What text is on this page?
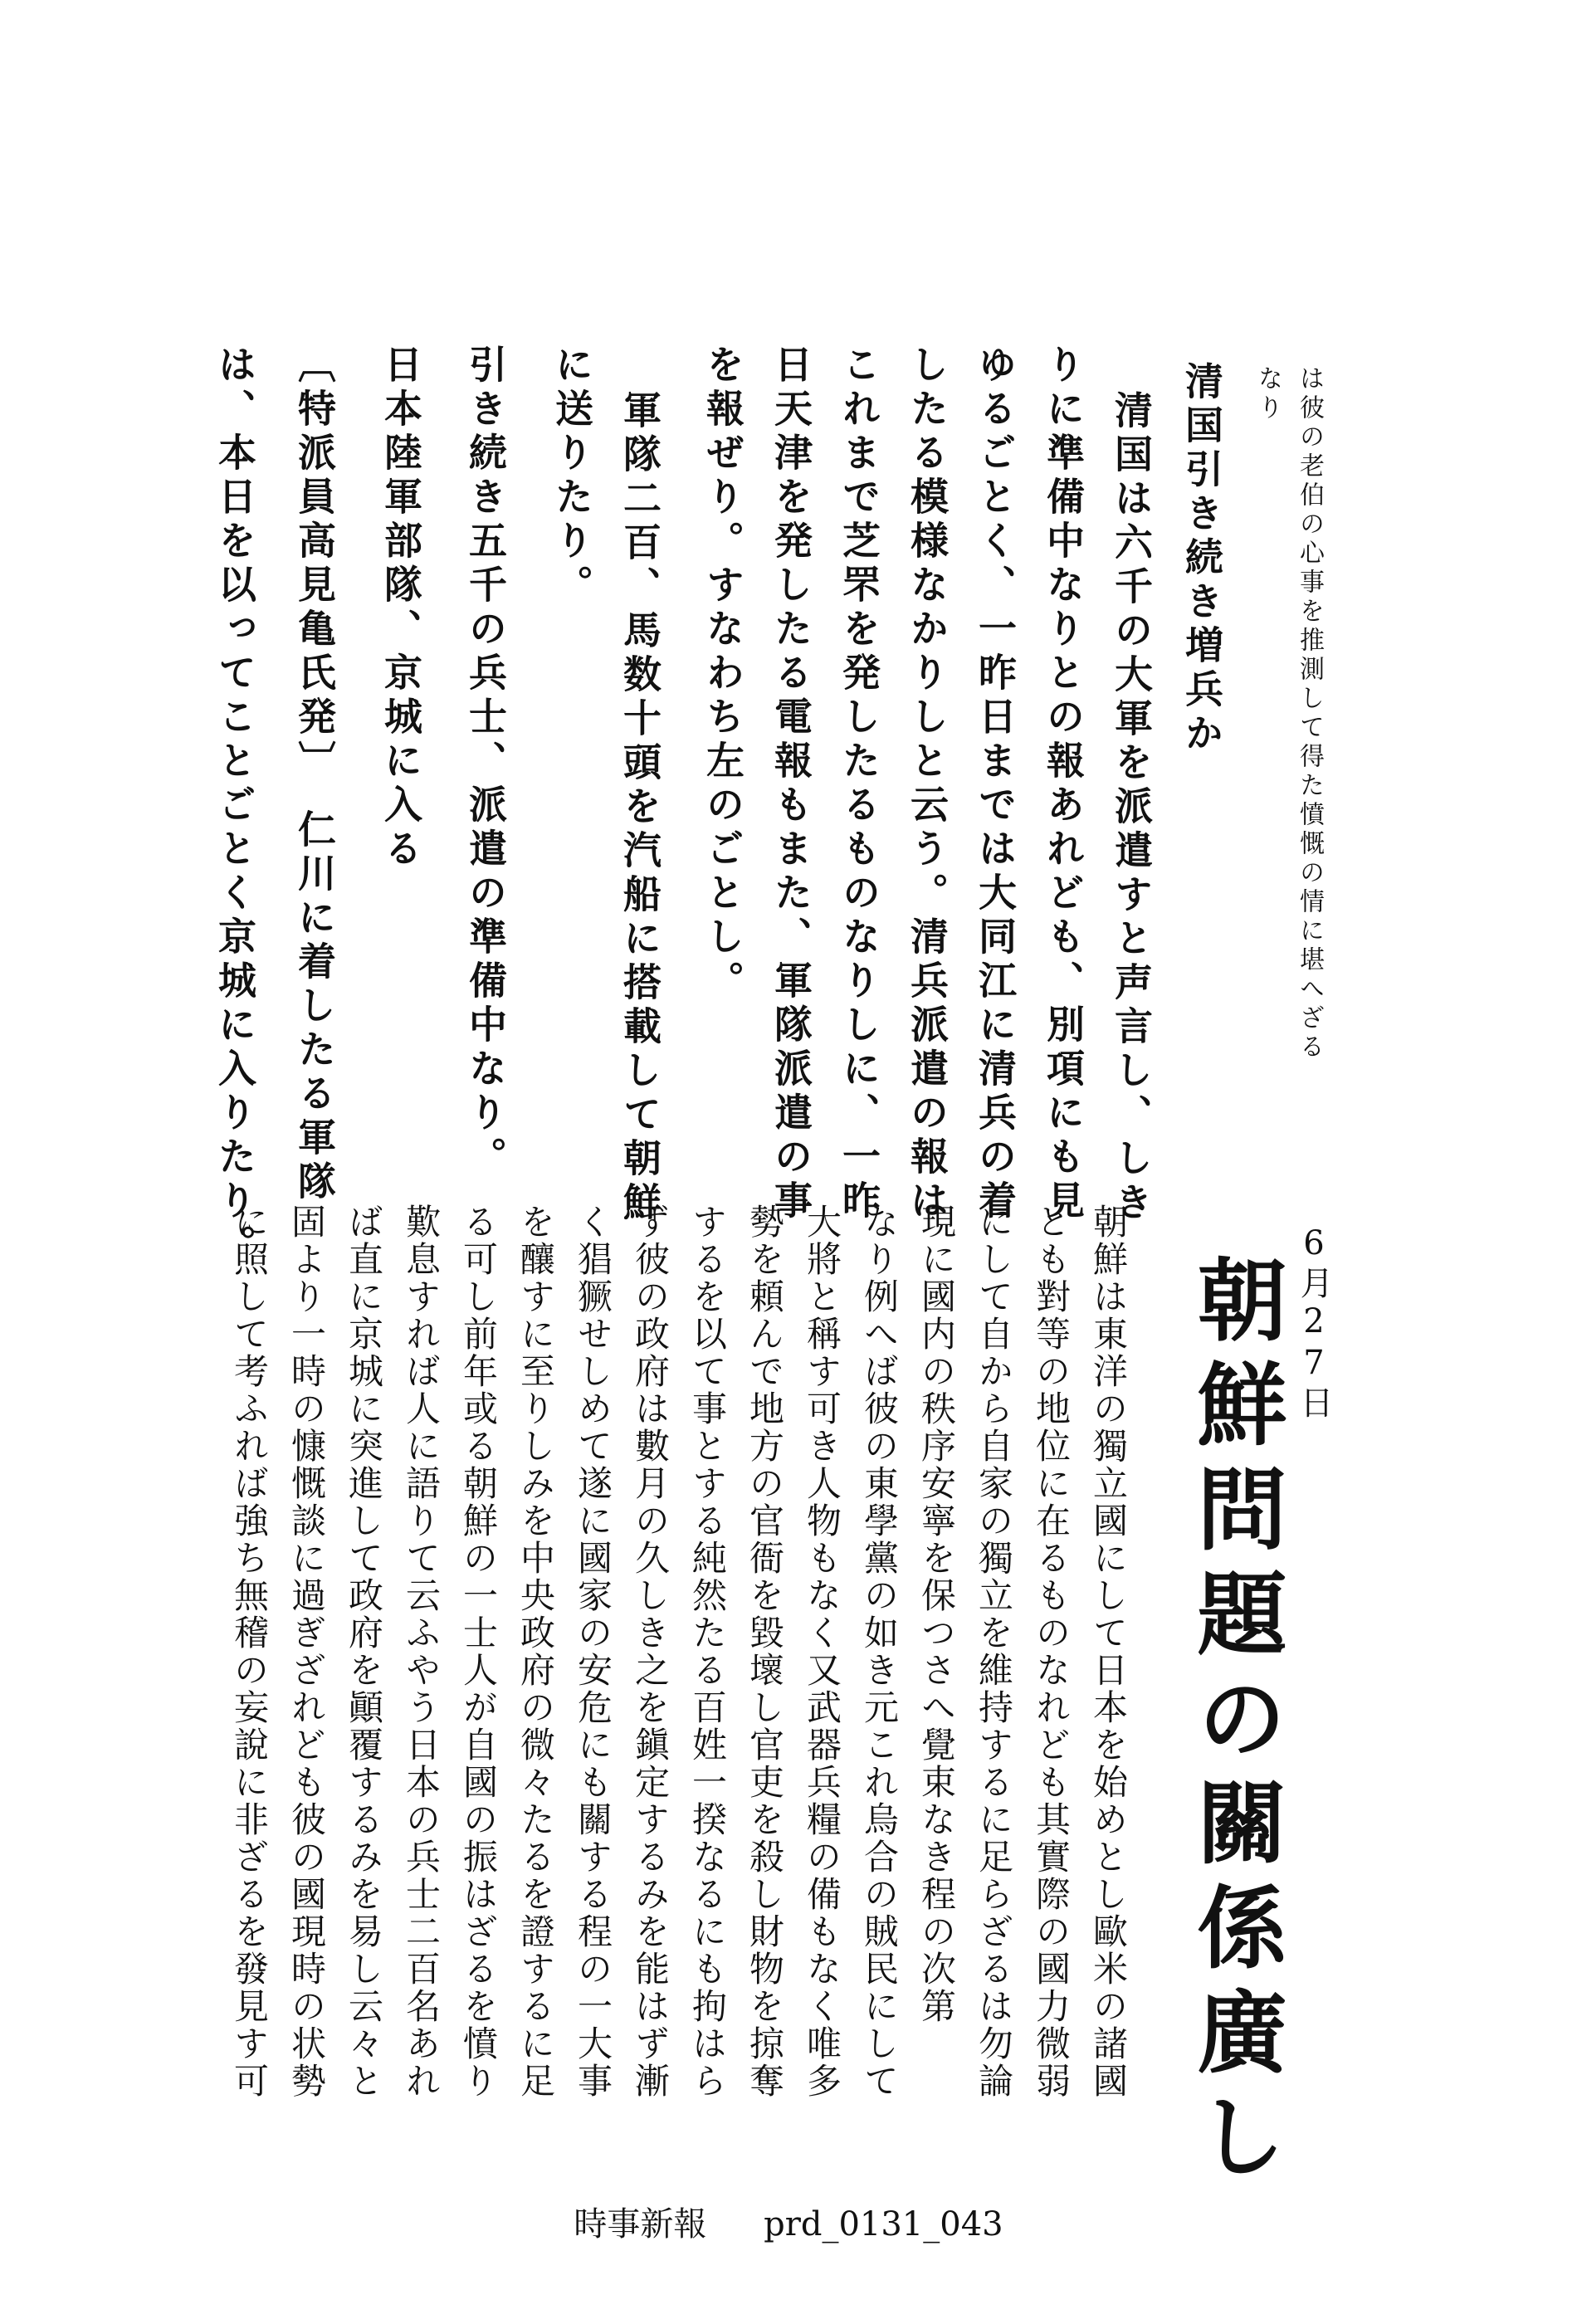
は彼の老伯の心事を推測して得た憤慨の情に堪へざる
なり
清国引き続き増兵か
清国は六千の大軍を派遣すと声言し、しき
りに準備中なりとの報あれども、別項にも見
ゆるごとく、一昨日までは大同江に清兵の着
したる模様なかりしと云う。清兵派遣の報は
これまで芝罘を発したるものなりしに、一昨
日天津を発したる電報もまた、軍隊派遣の事
を報ぜり。すなわち左のごとし。
軍隊二百、馬数十頭を汽船に搭載して朝鮮
に送りたり。
引き続き五千の兵士、派遣の準備中なり。
日本陸軍部隊、京城に入る
〔特派員高見亀氏発〕　仁川に着したる軍隊
は、本日を以ってことごとく京城に入りたり。
6月27日
朝鮮問題の關係廣し
朝鮮は東洋の獨立國にして日本を始めとし歐米の諸國
とも對等の地位に在るものなれども其實際の國力微弱
にして自から自家の獨立を維持するに足らざるは勿論
現に國内の秩序安寧を保つさへ覺束なき程の次第
なり例へば彼の東學黨の如き元これ烏合の賊民にして
大將と稱す可き人物もなく又武器兵糧の備もなく唯多
勢を頼んで地方の官衙を毀壞し官吏を殺し財物を掠奪
するを以て事とする純然たる百姓一揆なるにも拘はら
ず彼の政府は數月の久しき之を鎭定するみを能はず漸
く猖獗せしめて遂に國家の安危にも關する程の一大事
を釀すに至りしみを中央政府の微々たるを證するに足
る可し前年或る朝鮮の一士人が自國の振はざるを憤り
歎息すれば人に語りて云ふやう日本の兵士二百名あれ
ば直に京城に突進して政府を顚覆するみを易し云々と
固より一時の慷慨談に過ぎざれども彼の國現時の状勢
に照して考ふれば強ち無稽の妄說に非ざるを發見す可
時事新報 prd_0131_043
